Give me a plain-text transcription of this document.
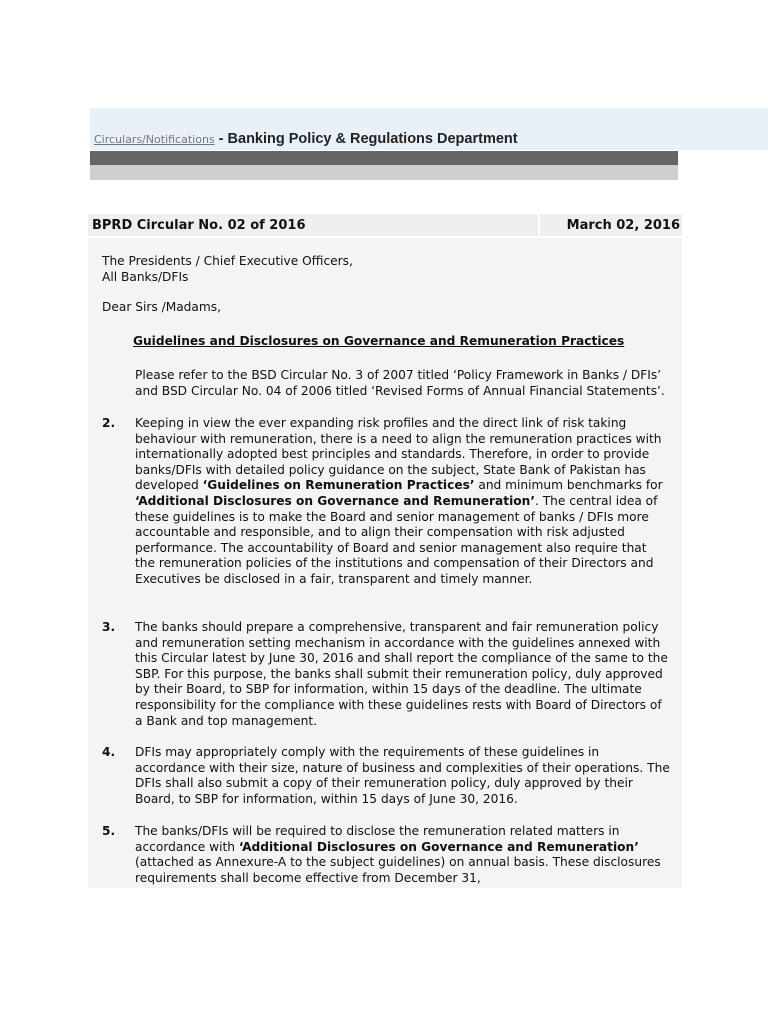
Circulars/Notifications - Banking Policy & Regulations Department
BPRD Circular No. 02 of 2016	March 02, 2016
The Presidents / Chief Executive Officers,
All Banks/DFIs
Dear Sirs /Madams,
Guidelines and Disclosures on Governance and Remuneration Practices
Please refer to the BSD Circular No. 3 of 2007 titled ‘Policy Framework in Banks / DFIs’ and BSD Circular No. 04 of 2006 titled ‘Revised Forms of Annual Financial Statements’.
2. Keeping in view the ever expanding risk profiles and the direct link of risk taking behaviour with remuneration, there is a need to align the remuneration practices with internationally adopted best principles and standards. Therefore, in order to provide banks/DFIs with detailed policy guidance on the subject, State Bank of Pakistan has developed ‘Guidelines on Remuneration Practices’ and minimum benchmarks for ‘Additional Disclosures on Governance and Remuneration’. The central idea of these guidelines is to make the Board and senior management of banks / DFIs more accountable and responsible, and to align their compensation with risk adjusted performance. The accountability of Board and senior management also require that the remuneration policies of the institutions and compensation of their Directors and Executives be disclosed in a fair, transparent and timely manner.
3. The banks should prepare a comprehensive, transparent and fair remuneration policy and remuneration setting mechanism in accordance with the guidelines annexed with this Circular latest by June 30, 2016 and shall report the compliance of the same to the SBP. For this purpose, the banks shall submit their remuneration policy, duly approved by their Board, to SBP for information, within 15 days of the deadline. The ultimate responsibility for the compliance with these guidelines rests with Board of Directors of a Bank and top management.
4. DFIs may appropriately comply with the requirements of these guidelines in accordance with their size, nature of business and complexities of their operations. The DFIs shall also submit a copy of their remuneration policy, duly approved by their Board, to SBP for information, within 15 days of June 30, 2016.
5. The banks/DFIs will be required to disclose the remuneration related matters in accordance with ‘Additional Disclosures on Governance and Remuneration’ (attached as Annexure-A to the subject guidelines) on annual basis. These disclosures requirements shall become effective from December 31,
